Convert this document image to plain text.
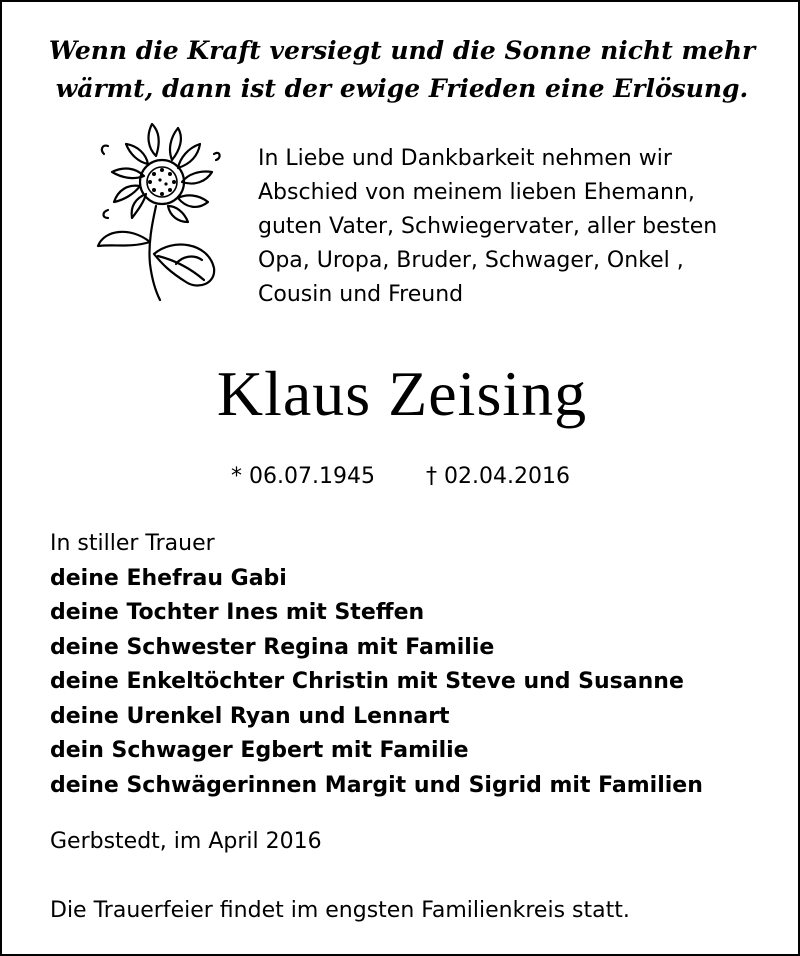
Wenn die Kraft versiegt und die Sonne nicht mehr
wärmt, dann ist der ewige Frieden eine Erlösung.
In Liebe und Dankbarkeit nehmen wir
Abschied von meinem lieben Ehemann,
guten Vater, Schwiegervater, aller besten
Opa, Uropa, Bruder, Schwager, Onkel ,
Cousin und Freund
Klaus Zeising
* 06.07.1945 † 02.04.2016
In stiller Trauer
deine Ehefrau Gabi
deine Tochter Ines mit Steffen
deine Schwester Regina mit Familie
deine Enkeltöchter Christin mit Steve und Susanne
deine Urenkel Ryan und Lennart
dein Schwager Egbert mit Familie
deine Schwägerinnen Margit und Sigrid mit Familien
Gerbstedt, im April 2016
Die Trauerfeier findet im engsten Familienkreis statt.
